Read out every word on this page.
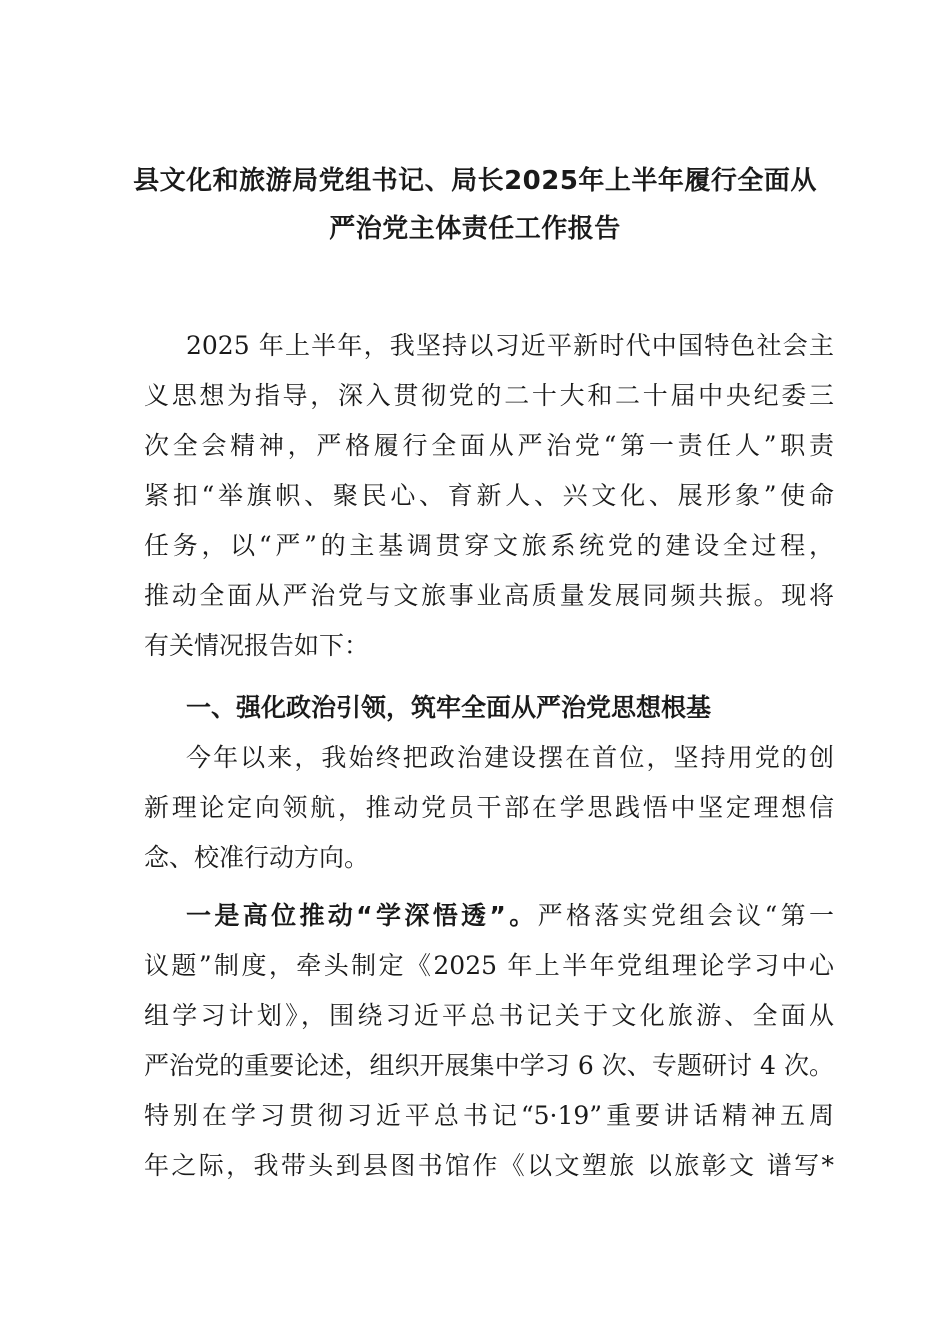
县文化和旅游局党组书记、局长2025年上半年履行全面从
严治党主体责任工作报告
2025 年上半年，我坚持以习近平新时代中国特色社会主
义思想为指导，深入贯彻党的二十大和二十届中央纪委三
次全会精神，严格履行全面从严治党“第一责任人”职责
紧扣“举旗帜、聚民心、育新人、兴文化、展形象”使命
任务，以“严”的主基调贯穿文旅系统党的建设全过程，
推动全面从严治党与文旅事业高质量发展同频共振。现将
有关情况报告如下：
一、强化政治引领，筑牢全面从严治党思想根基
今年以来，我始终把政治建设摆在首位，坚持用党的创
新理论定向领航，推动党员干部在学思践悟中坚定理想信
念、校准行动方向。
一是高位推动“学深悟透”。严格落实党组会议“第一
议题”制度，牵头制定《2025 年上半年党组理论学习中心
组学习计划》，围绕习近平总书记关于文化旅游、全面从
严治党的重要论述，组织开展集中学习 6 次、专题研讨 4 次。
特别在学习贯彻习近平总书记“5·19”重要讲话精神五周
年之际，我带头到县图书馆作《以文塑旅 以旅彰文 谱写*
